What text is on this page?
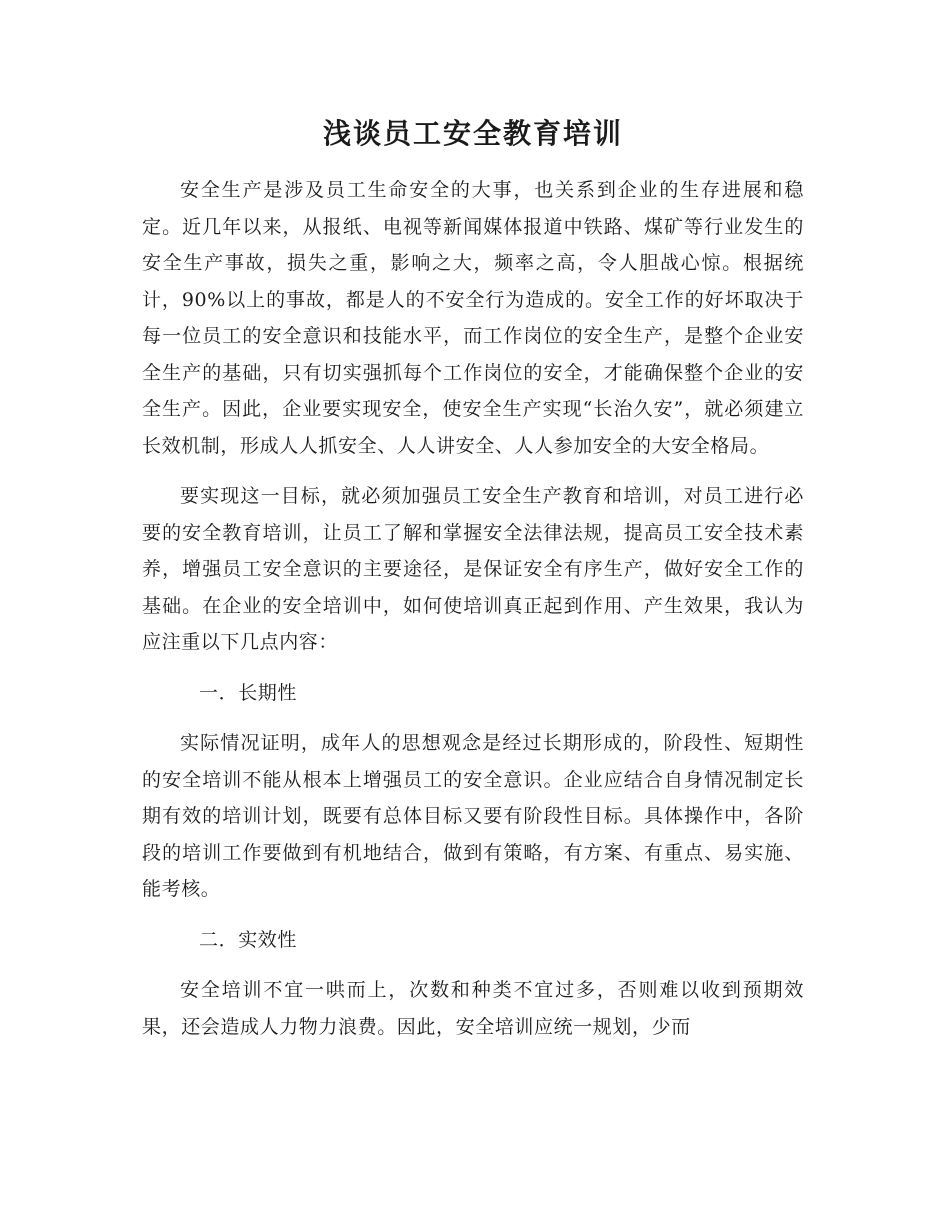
浅谈员工安全教育培训

安全生产是涉及员工生命安全的大事，也关系到企业的生存进展和稳定。近几年以来，从报纸、电视等新闻媒体报道中铁路、煤矿等行业发生的安全生产事故，损失之重，影响之大，频率之高，令人胆战心惊。根据统计，90%以上的事故，都是人的不安全行为造成的。安全工作的好坏取决于每一位员工的安全意识和技能水平，而工作岗位的安全生产，是整个企业安全生产的基础，只有切实强抓每个工作岗位的安全，才能确保整个企业的安全生产。因此，企业要实现安全，使安全生产实现“长治久安”，就必须建立长效机制，形成人人抓安全、人人讲安全、人人参加安全的大安全格局。

要实现这一目标，就必须加强员工安全生产教育和培训，对员工进行必要的安全教育培训，让员工了解和掌握安全法律法规，提高员工安全技术素养，增强员工安全意识的主要途径，是保证安全有序生产，做好安全工作的基础。在企业的安全培训中，如何使培训真正起到作用、产生效果，我认为应注重以下几点内容：

一．长期性

实际情况证明，成年人的思想观念是经过长期形成的，阶段性、短期性的安全培训不能从根本上增强员工的安全意识。企业应结合自身情况制定长期有效的培训计划，既要有总体目标又要有阶段性目标。具体操作中，各阶段的培训工作要做到有机地结合，做到有策略，有方案、有重点、易实施、能考核。

二．实效性

安全培训不宜一哄而上，次数和种类不宜过多，否则难以收到预期效果，还会造成人力物力浪费。因此，安全培训应统一规划，少而
